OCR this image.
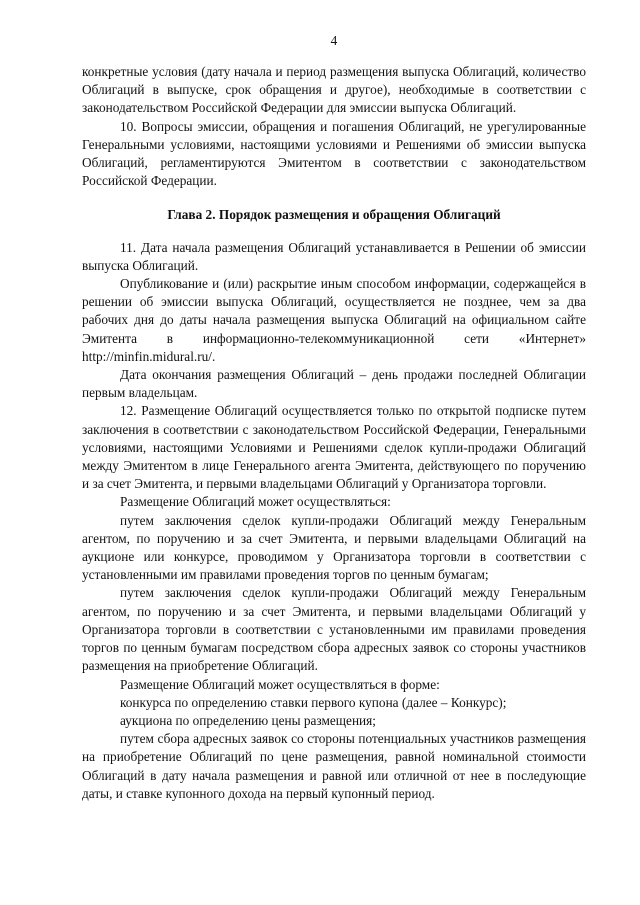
4

конкретные условия (дату начала и период размещения выпуска Облигаций, количество Облигаций в выпуске, срок обращения и другое), необходимые в соответствии с законодательством Российской Федерации для эмиссии выпуска Облигаций.

10. Вопросы эмиссии, обращения и погашения Облигаций, не урегулированные Генеральными условиями, настоящими условиями и Решениями об эмиссии выпуска Облигаций, регламентируются Эмитентом в соответствии с законодательством Российской Федерации.

Глава 2. Порядок размещения и обращения Облигаций

11. Дата начала размещения Облигаций устанавливается в Решении об эмиссии выпуска Облигаций.

Опубликование и (или) раскрытие иным способом информации, содержащейся в решении об эмиссии выпуска Облигаций, осуществляется не позднее, чем за два рабочих дня до даты начала размещения выпуска Облигаций на официальном сайте Эмитента в информационно-телекоммуникационной сети «Интернет» http://minfin.midural.ru/.

Дата окончания размещения Облигаций – день продажи последней Облигации первым владельцам.

12. Размещение Облигаций осуществляется только по открытой подписке путем заключения в соответствии с законодательством Российской Федерации, Генеральными условиями, настоящими Условиями и Решениями сделок купли-продажи Облигаций между Эмитентом в лице Генерального агента Эмитента, действующего по поручению и за счет Эмитента, и первыми владельцами Облигаций у Организатора торговли.

Размещение Облигаций может осуществляться:

путем заключения сделок купли-продажи Облигаций между Генеральным агентом, по поручению и за счет Эмитента, и первыми владельцами Облигаций на аукционе или конкурсе, проводимом у Организатора торговли в соответствии с установленными им правилами проведения торгов по ценным бумагам;

путем заключения сделок купли-продажи Облигаций между Генеральным агентом, по поручению и за счет Эмитента, и первыми владельцами Облигаций у Организатора торговли в соответствии с установленными им правилами проведения торгов по ценным бумагам посредством сбора адресных заявок со стороны участников размещения на приобретение Облигаций.

Размещение Облигаций может осуществляться в форме:

конкурса по определению ставки первого купона (далее – Конкурс);

аукциона по определению цены размещения;

путем сбора адресных заявок со стороны потенциальных участников размещения на приобретение Облигаций по цене размещения, равной номинальной стоимости Облигаций в дату начала размещения и равной или отличной от нее в последующие даты, и ставке купонного дохода на первый купонный период.
